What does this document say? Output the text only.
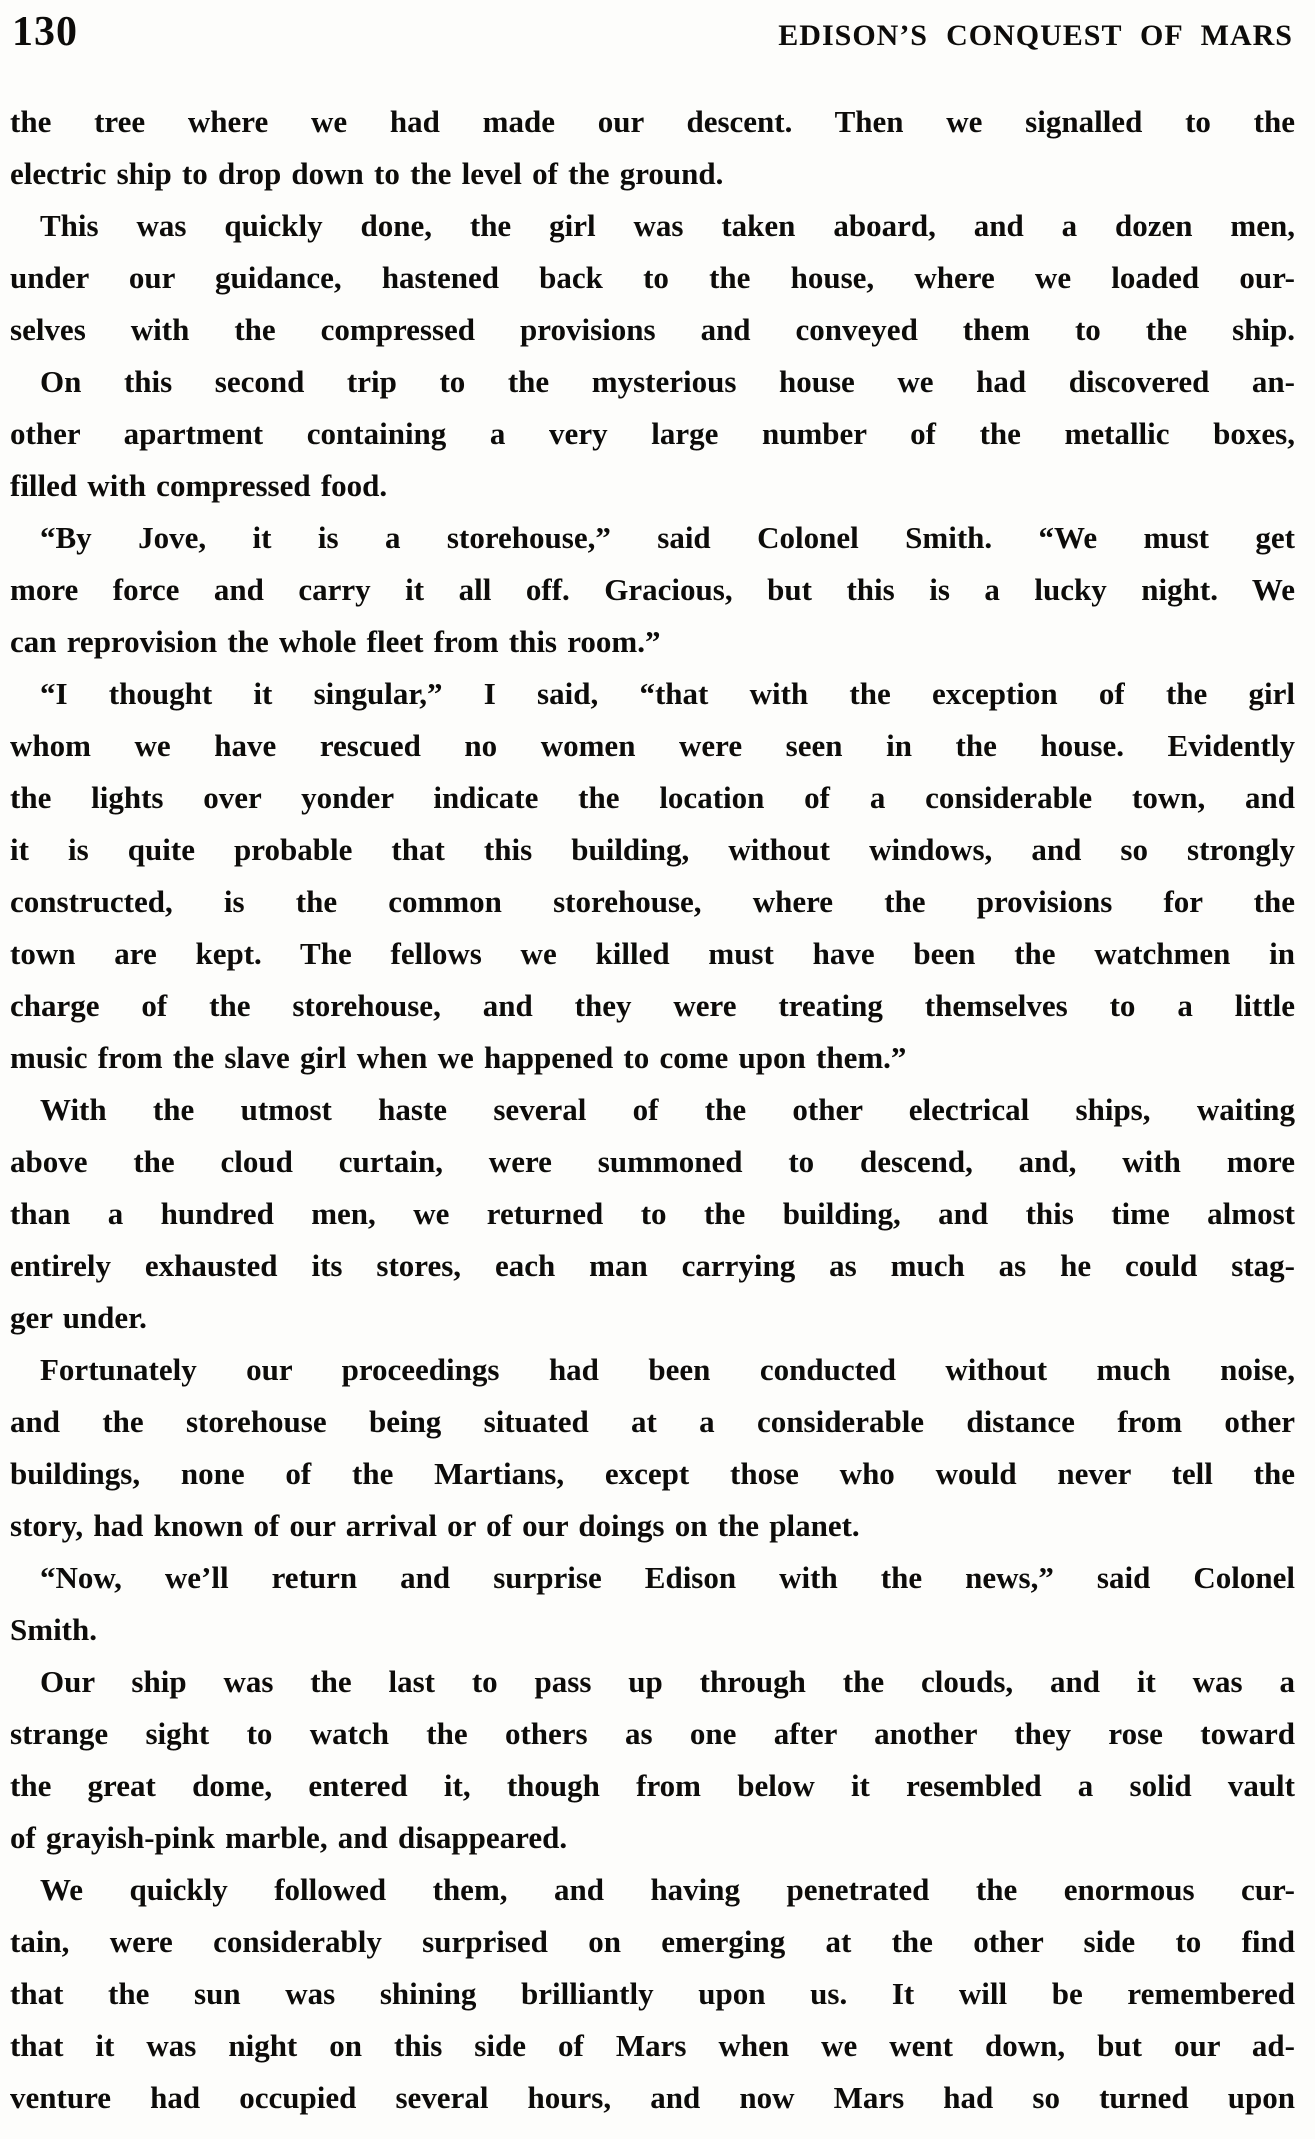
130	EDISON’S CONQUEST OF MARS
the tree where we had made our descent. Then we signalled to the
electric ship to drop down to the level of the ground.
This was quickly done, the girl was taken aboard, and a dozen men,
under our guidance, hastened back to the house, where we loaded our-
selves with the compressed provisions and conveyed them to the ship.
On this second trip to the mysterious house we had discovered an-
other apartment containing a very large number of the metallic boxes,
filled with compressed food.
“By Jove, it is a storehouse,” said Colonel Smith. “We must get
more force and carry it all off. Gracious, but this is a lucky night. We
can reprovision the whole fleet from this room.”
“I thought it singular,” I said, “that with the exception of the girl
whom we have rescued no women were seen in the house. Evidently
the lights over yonder indicate the location of a considerable town, and
it is quite probable that this building, without windows, and so strongly
constructed, is the common storehouse, where the provisions for the
town are kept. The fellows we killed must have been the watchmen in
charge of the storehouse, and they were treating themselves to a little
music from the slave girl when we happened to come upon them.”
With the utmost haste several of the other electrical ships, waiting
above the cloud curtain, were summoned to descend, and, with more
than a hundred men, we returned to the building, and this time almost
entirely exhausted its stores, each man carrying as much as he could stag-
ger under.
Fortunately our proceedings had been conducted without much noise,
and the storehouse being situated at a considerable distance from other
buildings, none of the Martians, except those who would never tell the
story, had known of our arrival or of our doings on the planet.
“Now, we’ll return and surprise Edison with the news,” said Colonel
Smith.
Our ship was the last to pass up through the clouds, and it was a
strange sight to watch the others as one after another they rose toward
the great dome, entered it, though from below it resembled a solid vault
of grayish-pink marble, and disappeared.
We quickly followed them, and having penetrated the enormous cur-
tain, were considerably surprised on emerging at the other side to find
that the sun was shining brilliantly upon us. It will be remembered
that it was night on this side of Mars when we went down, but our ad-
venture had occupied several hours, and now Mars had so turned upon
